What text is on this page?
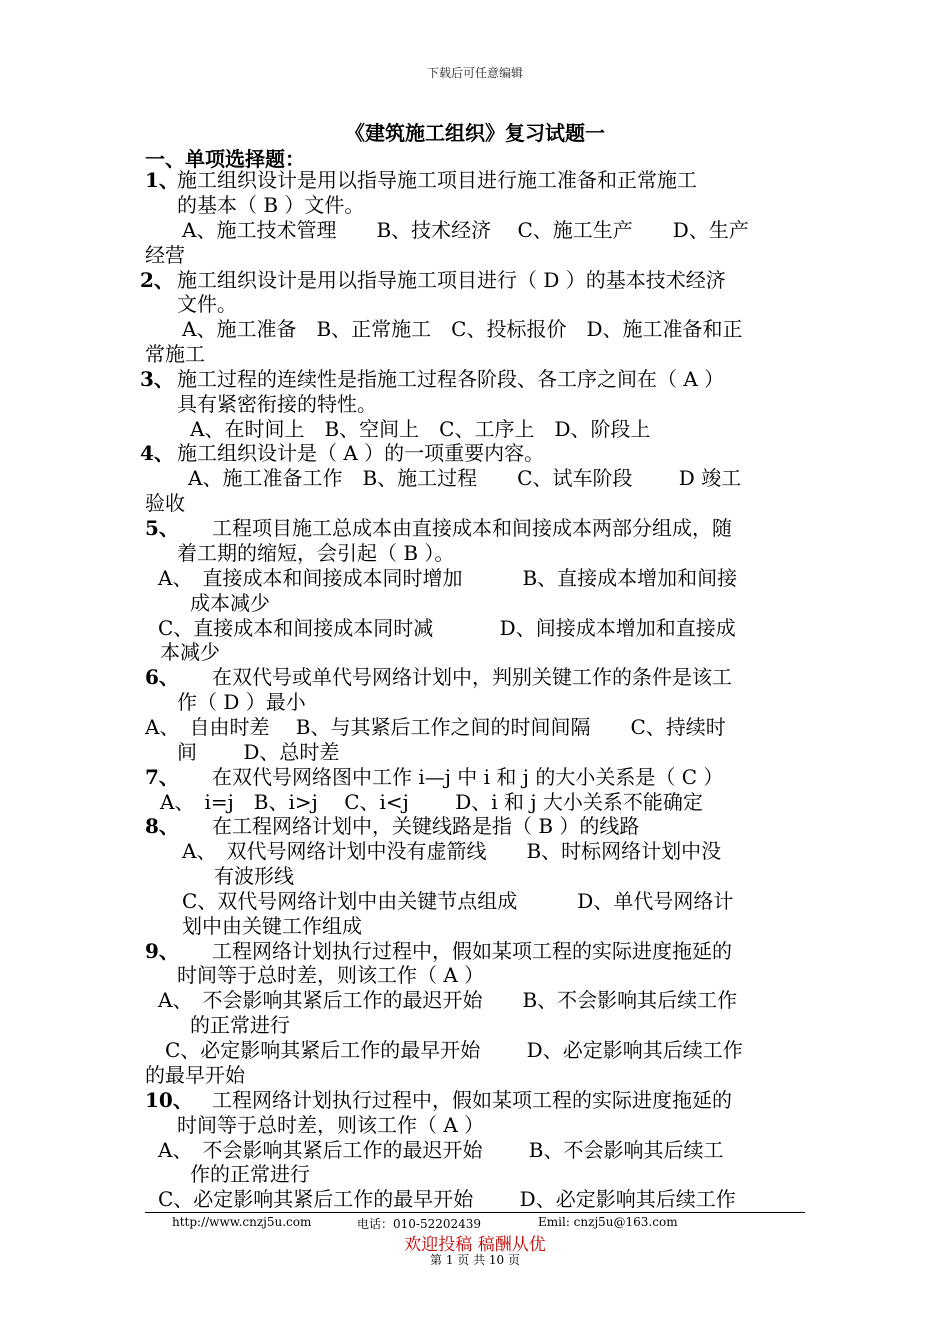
下载后可任意编辑
《建筑施工组织》复习试题一
一、单项选择题：
1、
施工组织设计是用以指导施工项目进行施工准备和正常施工
的基本（ B ）文件。
A、施工技术管理　　B、技术经济　 C、施工生产　　D、生产
经营
2、 施工组织设计是用以指导施工项目进行（ D ）的基本技术经济
文件。
A、施工准备　B、正常施工　C、投标报价　D、施工准备和正
常施工
3、 施工过程的连续性是指施工过程各阶段、各工序之间在（ A ）
具有紧密衔接的特性。
A、在时间上　B、空间上　C、工序上　D、阶段上
4、 施工组织设计是（ A ）的一项重要内容。
A、施工准备工作　B、施工过程　　C、试车阶段　　 D 竣工
验收
5、 工程项目施工总成本由直接成本和间接成本两部分组成，随
着工期的缩短，会引起（ B ）。
A、　直接成本和间接成本同时增加　　　B、直接成本增加和间接
成本减少
C、直接成本和间接成本同时减　　　 D、间接成本增加和直接成
本减少
6、 在双代号或单代号网络计划中，判别关键工作的条件是该工
作（ D ）最小
A、　自由时差　 B、与其紧后工作之间的时间间隔　　C、持续时
间　　 D、总时差
7、 在双代号网络图中工作 i—j 中 i 和 j 的大小关系是（ C ）
A、　i=j　B、i>j　 C、i<j　　 D、i 和 j 大小关系不能确定
8、 在工程网络计划中，关键线路是指（ B ）的线路
A、　双代号网络计划中没有虚箭线　　B、时标网络计划中没
有波形线
C、双代号网络计划中由关键节点组成　　　D、单代号网络计
划中由关键工作组成
9、 工程网络计划执行过程中，假如某项工程的实际进度拖延的
时间等于总时差，则该工作（ A ）
A、　不会影响其紧后工作的最迟开始　　B、不会影响其后续工作
的正常进行
C、必定影响其紧后工作的最早开始　　 D、必定影响其后续工作
的最早开始
10、 工程网络计划执行过程中，假如某项工程的实际进度拖延的
时间等于总时差，则该工作（ A ）
A、　不会影响其紧后工作的最迟开始　　 B、不会影响其后续工
作的正常进行
C、必定影响其紧后工作的最早开始　　 D、必定影响其后续工作
http://www.cnzj5u.com	电话：010-52202439	Emil: cnzj5u@163.com
欢迎投稿 稿酬从优
第 1 页 共 10 页
